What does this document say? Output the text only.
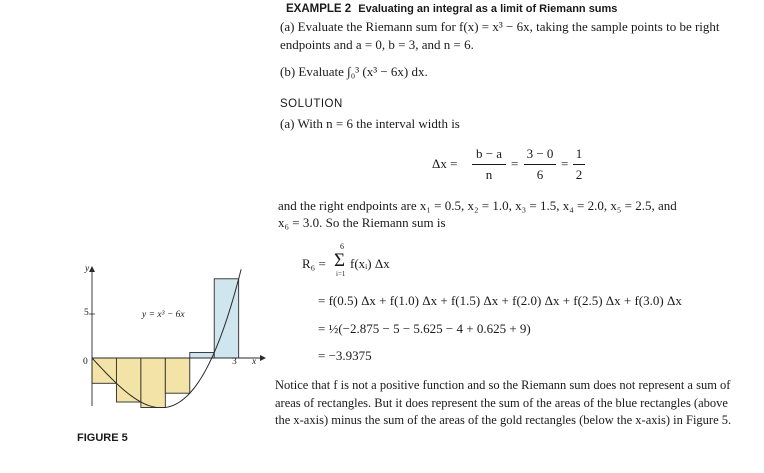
EXAMPLE 2 Evaluating an integral as a limit of Riemann sums
(a) Evaluate the Riemann sum for f(x) = x³ − 6x, taking the sample points to be right
endpoints and a = 0, b = 3, and n = 6.
(b) Evaluate ∫₀³ (x³ − 6x) dx.
SOLUTION
(a) With n = 6 the interval width is
Δx =
b − a
n
=
3 − 0
6
=
1
2
and the right endpoints are x₁ = 0.5, x₂ = 1.0, x₃ = 1.5, x₄ = 2.0, x₅ = 2.5, and
x₆ = 3.0. So the Riemann sum is
R₆ =
6
Σ
i=1
f(xᵢ) Δx
= f(0.5) Δx + f(1.0) Δx + f(1.5) Δx + f(2.0) Δx + f(2.5) Δx + f(3.0) Δx
= ½(−2.875 − 5 − 5.625 − 4 + 0.625 + 9)
= −3.9375
Notice that f is not a positive function and so the Riemann sum does not represent a sum of areas of rectangles. But it does represent the sum of the areas of the blue rectangles (above the x-axis) minus the sum of the areas of the gold rectangles (below the x-axis) in Figure 5.
y
5
0	3 x
y = x³ − 6x
FIGURE 5
